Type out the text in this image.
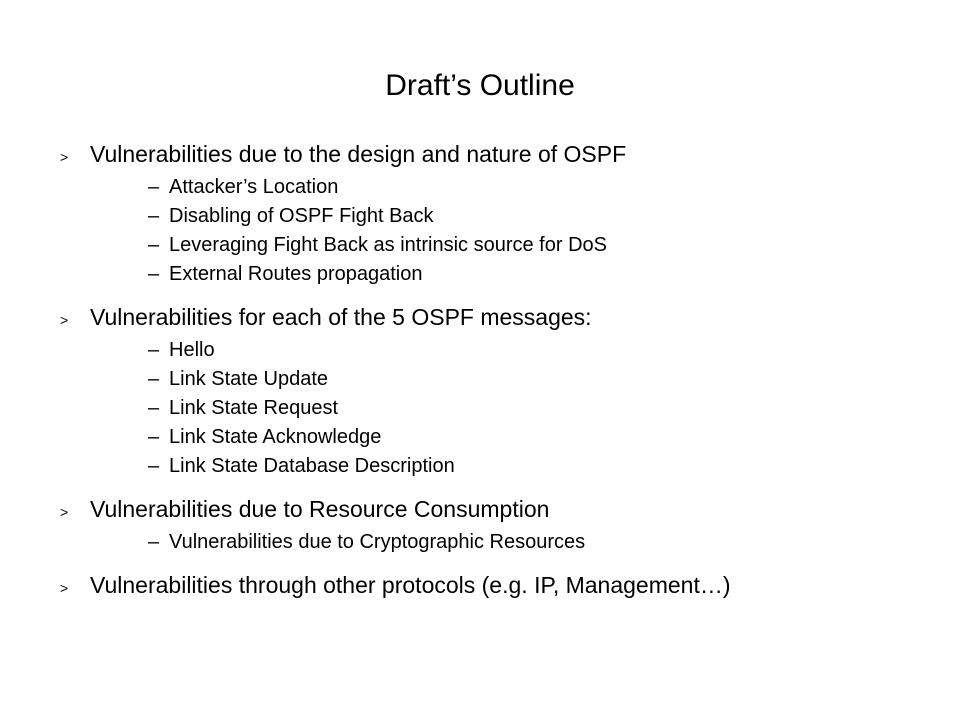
Draft’s Outline
> Vulnerabilities due to the design and nature of OSPF
– Attacker’s Location
– Disabling of OSPF Fight Back
– Leveraging Fight Back as intrinsic source for DoS
– External Routes propagation
> Vulnerabilities for each of the 5 OSPF messages:
– Hello
– Link State Update
– Link State Request
– Link State Acknowledge
– Link State Database Description
> Vulnerabilities due to Resource Consumption
– Vulnerabilities due to Cryptographic Resources
> Vulnerabilities through other protocols (e.g. IP, Management…)
